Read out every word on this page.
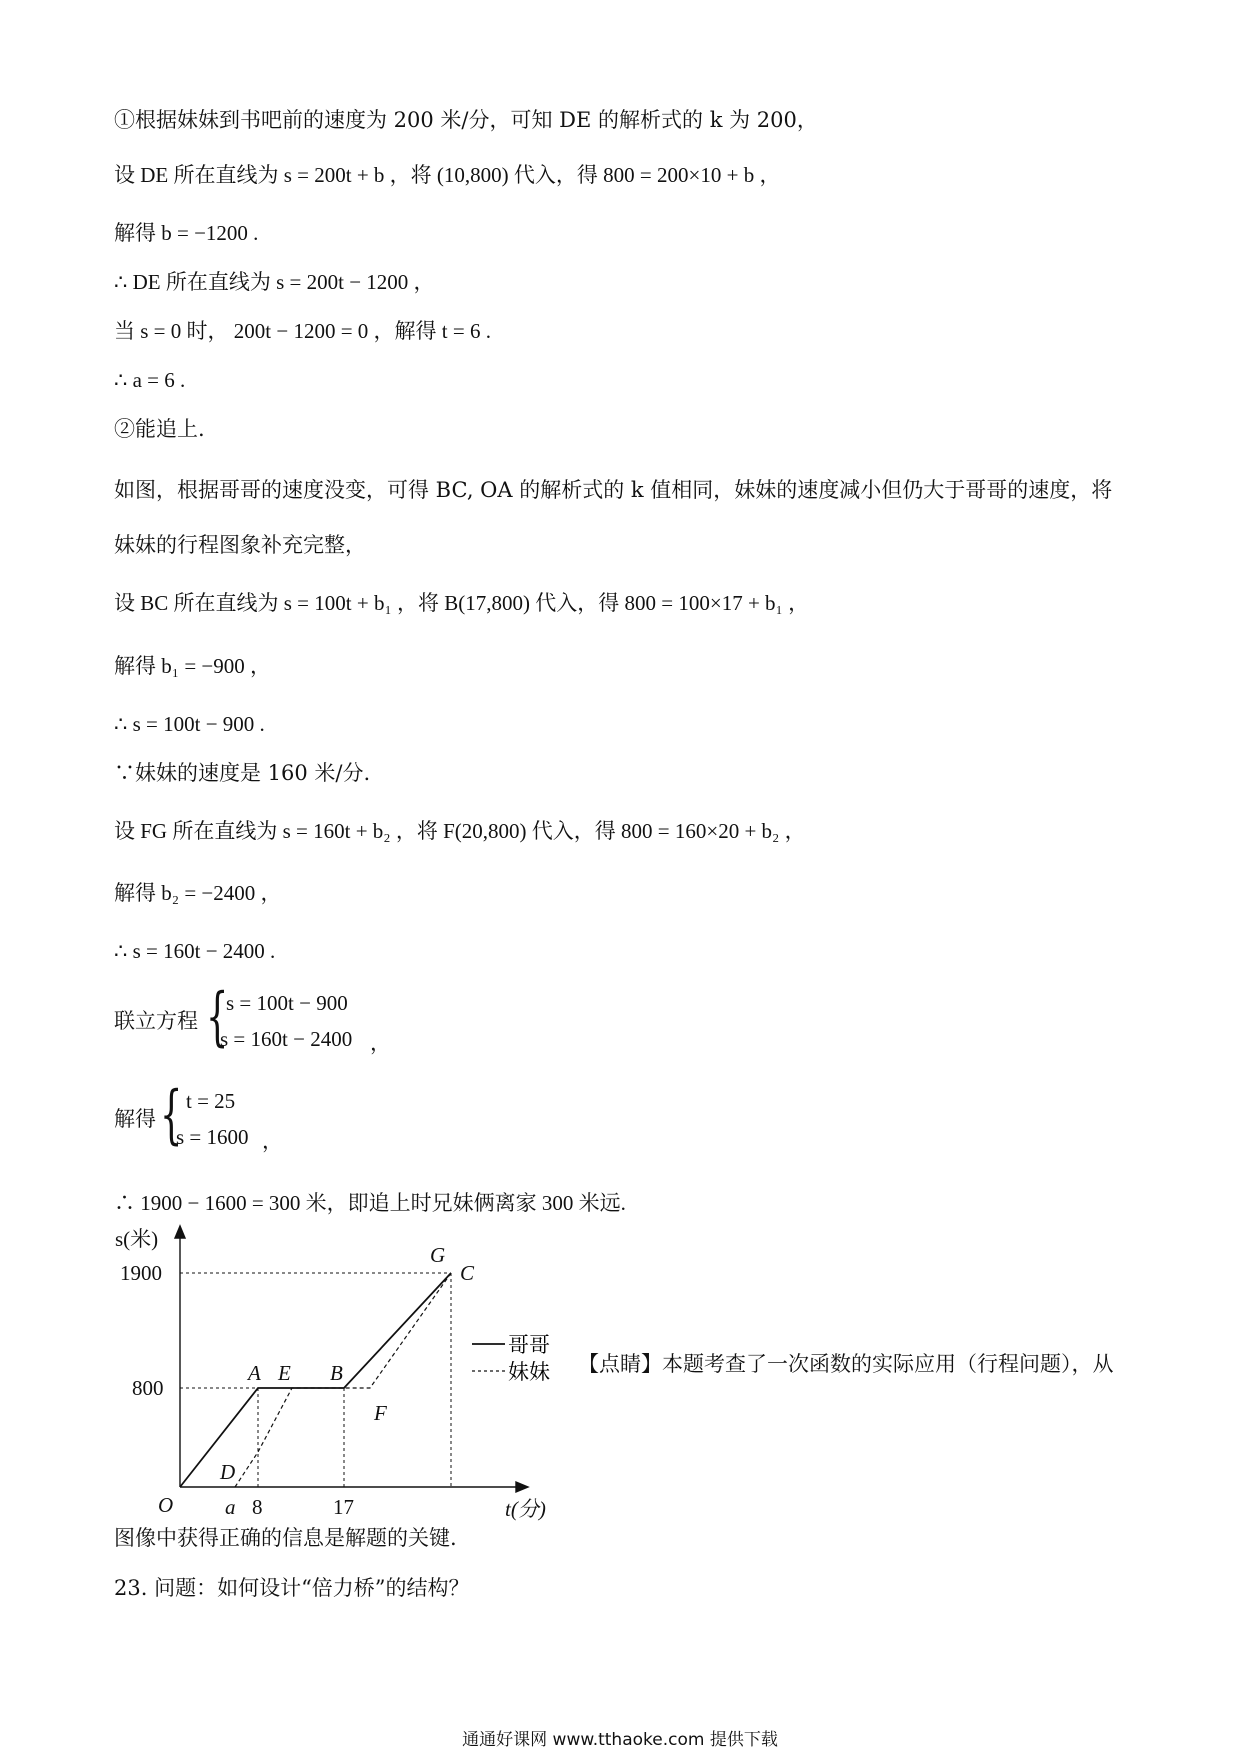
①根据妹妹到书吧前的速度为 200 米/分，可知 DE 的解析式的 k 为 200，
设 DE 所在直线为 s = 200t + b ，将 (10,800) 代入，得 800 = 200×10 + b ，
解得 b = −1200 .
∴ DE 所在直线为 s = 200t − 1200 ，
当 s = 0 时， 200t − 1200 = 0 ，解得 t = 6 .
∴ a = 6 .
②能追上.
如图，根据哥哥的速度没变，可得 BC, OA 的解析式的 k 值相同，妹妹的速度减小但仍大于哥哥的速度，将
妹妹的行程图象补充完整，
设 BC 所在直线为 s = 100t + b₁ ，将 B(17,800) 代入，得 800 = 100×17 + b₁ ，
解得 b₁ = −900 ，
∴ s = 100t − 900 .
∵妹妹的速度是 160 米/分.
设 FG 所在直线为 s = 160t + b₂ ，将 F(20,800) 代入，得 800 = 160×20 + b₂ ，
解得 b₂ = −2400 ，
∴ s = 160t − 2400 .
联立方程 {
s = 100t − 900
s = 160t − 2400 ，
解得 { t = 25
s = 1600 ，
∴ 1900 − 1600 = 300 米，即追上时兄妹俩离家 300 米远.
哥哥
妹妹
s(米)
t(分)
O
1900
800
a 8	17
A E B
C
G
D
F
【点睛】本题考查了一次函数的实际应用（行程问题），从
图像中获得正确的信息是解题的关键.
23. 问题：如何设计“倍力桥”的结构？
通通好课网 www.tthaoke.com 提供下载
